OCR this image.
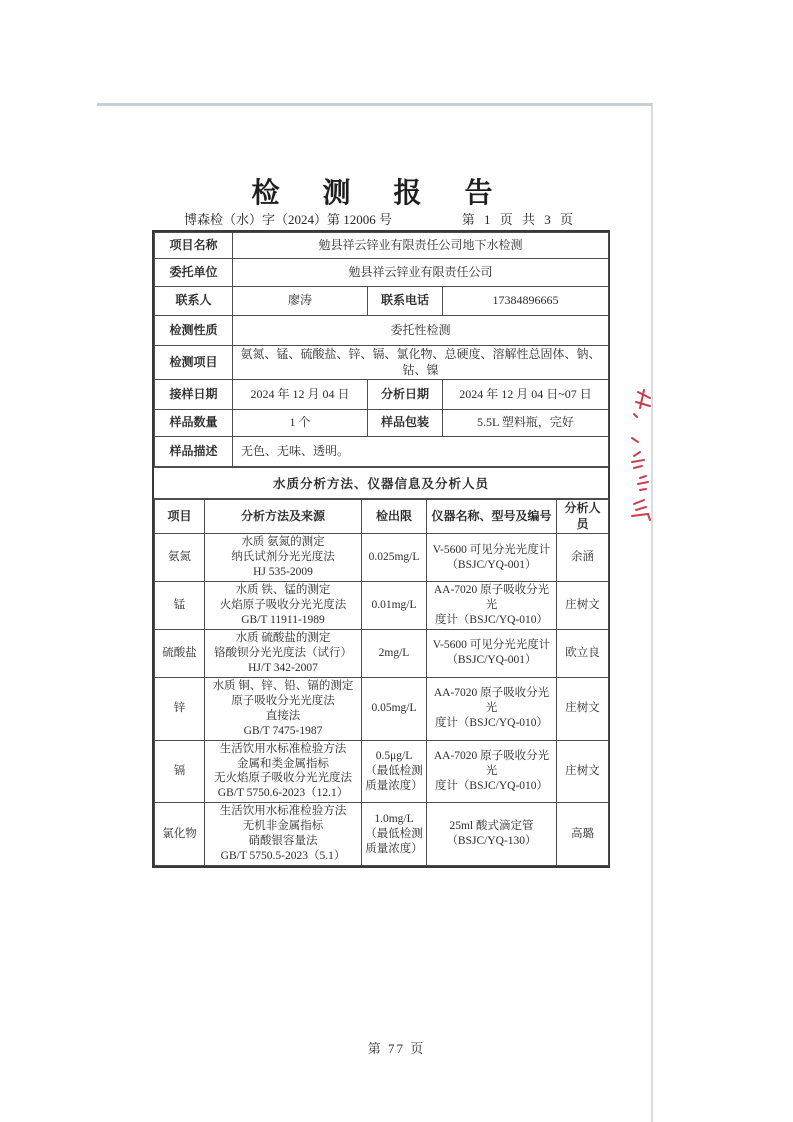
检 测 报 告
博森检（水）字（2024）第 12006 号	第 1 页 共 3 页
项目名称	勉县祥云锌业有限责任公司地下水检测		
委托单位	勉县祥云锌业有限责任公司		
联系人	廖涛	联系电话	17384896665
检测性质	委托性检测		
检测项目	氨氮、锰、硫酸盐、锌、镉、氯化物、总硬度、溶解性总固体、钠、钴、镍		
接样日期	2024 年 12 月 04 日	分析日期	2024 年 12 月 04 日~07 日
样品数量	1 个	样品包装	5.5L 塑料瓶，完好
样品描述	无色、无味、透明。		
水质分析方法、仪器信息及分析人员
项目	分析方法及来源	检出限	仪器名称、型号及编号	分析人员
氨氮	水质 氨氮的测定
纳氏试剂分光光度法
HJ 535-2009	0.025mg/L	V-5600 可见分光光度计
（BSJC/YQ-001）	余涵
锰	水质 铁、锰的测定
火焰原子吸收分光光度法
GB/T 11911-1989	0.01mg/L	AA-7020 原子吸收分光光
度计（BSJC/YQ-010）	庄树文
硫酸盐	水质 硫酸盐的测定
铬酸钡分光光度法（试行）
HJ/T 342-2007	2mg/L	V-5600 可见分光光度计
（BSJC/YQ-001）	欧立良
锌	水质 铜、锌、铅、镉的测定
原子吸收分光光度法
直接法
GB/T 7475-1987	0.05mg/L	AA-7020 原子吸收分光光
度计（BSJC/YQ-010）	庄树文
镉	生活饮用水标准检验方法
金属和类金属指标
无火焰原子吸收分光光度法
GB/T 5750.6-2023（12.1）	0.5μg/L
（最低检测
质量浓度）	AA-7020 原子吸收分光光
度计（BSJC/YQ-010）	庄树文
氯化物	生活饮用水标准检验方法
无机非金属指标
硝酸银容量法
GB/T 5750.5-2023（5.1）	1.0mg/L
（最低检测
质量浓度）	25ml 酸式滴定管
（BSJC/YQ-130）	高璐
第 77 页
